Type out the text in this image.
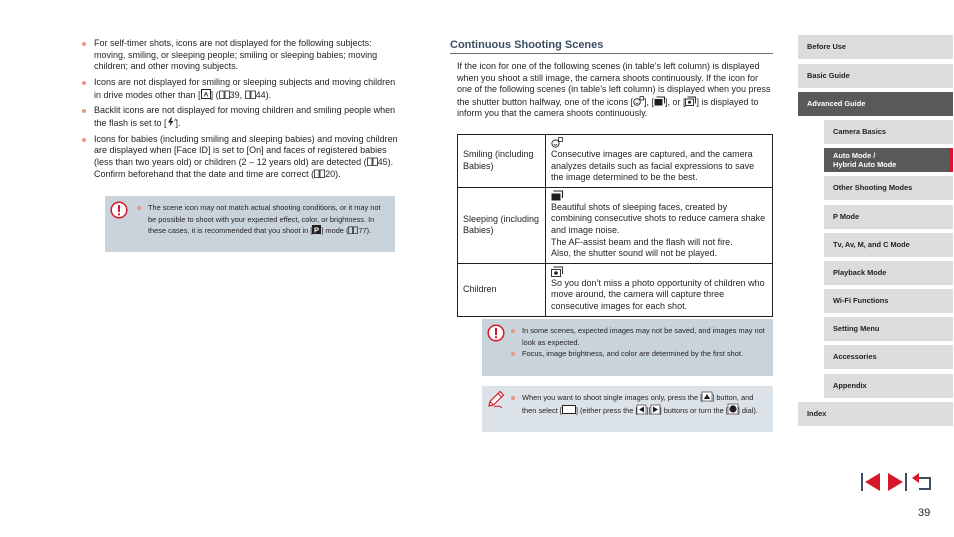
For self-timer shots, icons are not displayed for the following subjects: moving, smiling, or sleeping people; smiling or sleeping babies; moving children; and other moving subjects.
Icons are not displayed for smiling or sleeping subjects and moving children in drive modes other than [ A ] ( 39, 44).
Backlit icons are not displayed for moving children and smiling people when the flash is set to [ A ].
Icons for babies (including smiling and sleeping babies) and moving children are displayed when [Face ID] is set to [On] and faces of registered babies (less than two years old) or children (2 – 12 years old) are detected ( 45). Confirm beforehand that the date and time are correct ( 20).
The scene icon may not match actual shooting conditions, or it may not be possible to shoot with your expected effect, color, or brightness. In these cases, it is recommended that you shoot in [ P ] mode ( 77).
Continuous Shooting Scenes
If the icon for one of the following scenes (in table’s left column) is displayed when you shoot a still image, the camera shoots continuously. If the icon for one of the following scenes (in table’s left column) is displayed when you press the shutter button halfway, one of the icons [ ], [ ], or [ ] is displayed to inform you that the camera shoots continuously.
Smiling (including Babies)	Consecutive images are captured, and the camera analyzes details such as facial expressions to save the image determined to be the best.

Sleeping (including Babies)	Beautiful shots of sleeping faces, created by combining consecutive shots to reduce camera shake and image noise.
The AF-assist beam and the flash will not fire.
Also, the shutter sound will not be played.

Children	So you don’t miss a photo opportunity of children who move around, the camera will capture three consecutive images for each shot.
In some scenes, expected images may not be saved, and images may not look as expected.
Focus, image brightness, and color are determined by the first shot.
When you want to shoot single images only, press the [ ] button, and then select [ ] (either press the [ ][ ] buttons or turn the [ ] dial).
Before Use
Basic Guide
Advanced Guide
Camera Basics
Auto Mode /
Hybrid Auto Mode
Other Shooting Modes
P Mode
Tv, Av, M, and C Mode
Playback Mode
Wi-Fi Functions
Setting Menu
Accessories
Appendix
Index
39
